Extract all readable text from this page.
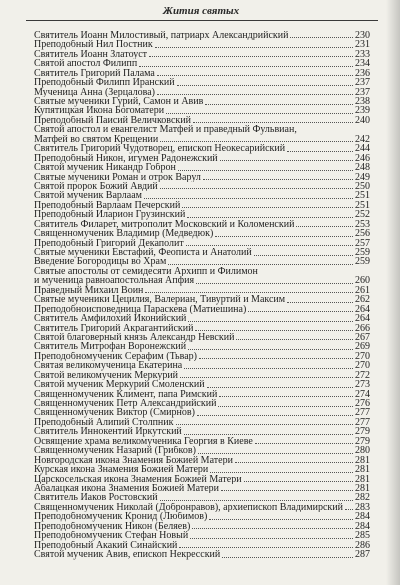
Жития святых
Святитель Иоанн Милостивый, патриарх Александрийский	230
Преподобный Нил Постник	231
Святитель Иоанн Златоуст	233
Святой апостол Филипп	234
Святитель Григорий Палама	236
Преподобный Филипп Иранский	237
Мученица Анна (Зерцалова)	237
Святые мученики Гурий, Самон и Авив	238
Купятицкая Икона Богоматери	239
Преподобный Паисий Величковский	240
Святой апостол и евангелист Матфей и праведный Фульвиан,
Матфей во святом Крещении	242
Святитель Григорий Чудотворец, епископ Неокесарийский	244
Преподобный Никон, игумен Радонежский	246
Святой мученик Никандр Гоброн	248
Святые мученики Роман и отрок Варул	249
Святой пророк Божий Авдий	250
Святой мученик Варлаам	251
Преподобный Варлаам Печерский	251
Преподобный Иларион Грузинский	252
Святитель Филарет, митрополит Московский и Коломенский	253
Священномученик Владимир (Медведюк)	256
Преподобный Григорий Декаполит	257
Святые мученики Евстафий, Феописта и Анатолий	259
Введение Богородицы во Храм	259
Святые апостолы от семидесяти Архипп и Филимон
и мученица равноапостольная Апфия	260
Праведный Михаил Воин	261
Святые мученики Цецилия, Валериан, Тивуртий и Максим	262
Преподобноисповедница Параскева (Матиешина)	264
Святитель Амфилохий Иконийский	264
Святитель Григорий Акрагантийский	266
Святой благоверный князь Александр Невский	267
Святитель Митрофан Воронежский	269
Преподобномученик Серафим (Тьвар)	270
Святая великомученица Екатерина	270
Святой великомученик Меркурий	272
Святой мученик Меркурий Смоленский	273
Священномученик Климент, папа Римский	274
Священномученик Петр Александрийский	276
Священномученик Виктор (Смирнов)	277
Преподобный Алипий Столпник	277
Святитель Иннокентий Иркутский	279
Освящение храма великомученика Георгия в Киеве	279
Священномученик Назарий (Грибков)	280
Новгородская икона Знамения Божией Матери	281
Курская икона Знамения Божией Матери	281
Царскосельская икона Знамения Божией Матери	281
Абалацкая икона Знамения Божией Матери	281
Святитель Иаков Ростовский	282
Священномученик Николай (Добронравов), архиепископ Владимирский 283
Преподобномученик Кронид (Любимов)	284
Преподобномученик Никон (Беляев)	284
Преподобномученик Стефан Новый	285
Преподобный Акакий Синайский	286
Святой мученик Авив, епископ Некресский	287
